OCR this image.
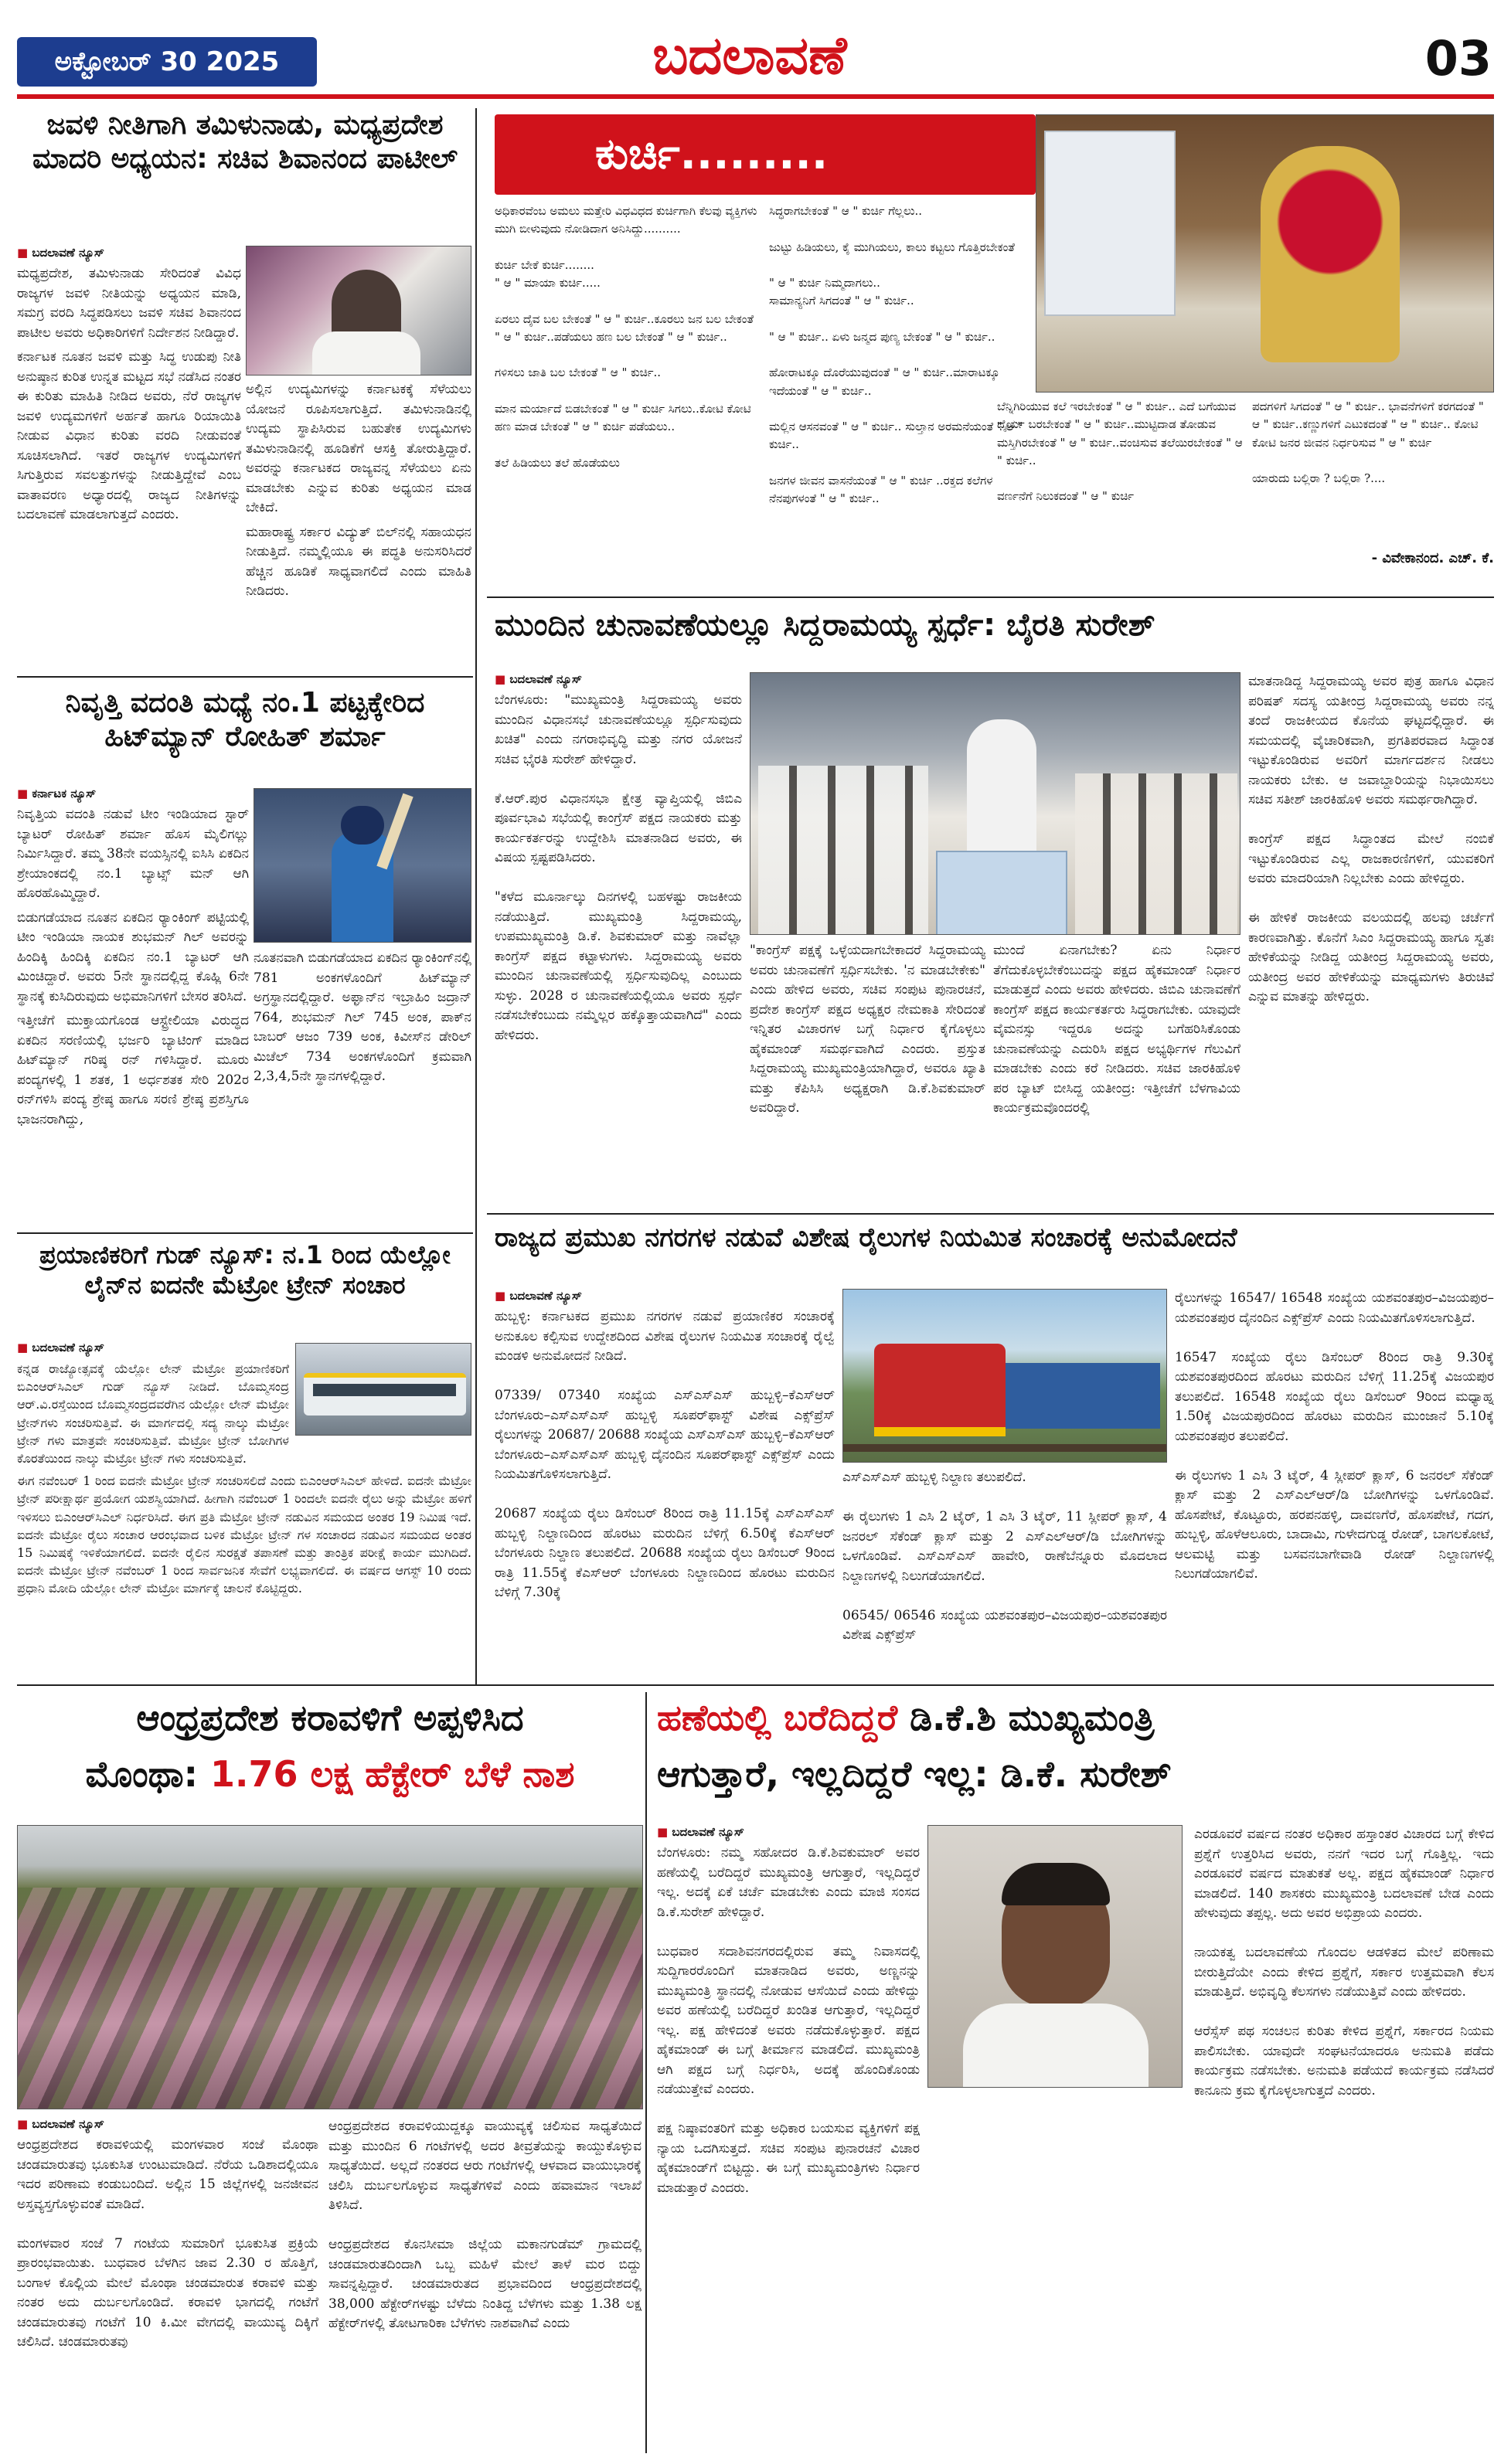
ಅಕ್ಟೋಬರ್ 30 2025	ಬದಲಾವಣೆ	03
ಜವಳಿ ನೀತಿಗಾಗಿ ತಮಿಳುನಾಡು, ಮಧ್ಯಪ್ರದೇಶ ಮಾದರಿ ಅಧ್ಯಯನ: ಸಚಿವ ಶಿವಾನಂದ ಪಾಟೀಲ್
■ ಬದಲಾವಣೆ ನ್ಯೂಸ್

ಮಧ್ಯಪ್ರದೇಶ, ತಮಿಳುನಾಡು ಸೇರಿದಂತೆ ವಿವಿಧ ರಾಜ್ಯಗಳ ಜವಳಿ ನೀತಿಯನ್ನು ಅಧ್ಯಯನ ಮಾಡಿ, ಸಮಗ್ರ ವರದಿ ಸಿದ್ಧಪಡಿಸಲು ಜವಳಿ ಸಚಿವ ಶಿವಾನಂದ ಪಾಟೀಲ ಅವರು ಅಧಿಕಾರಿಗಳಿಗೆ ನಿರ್ದೇಶನ ನೀಡಿದ್ದಾರೆ.

ಕರ್ನಾಟಕ ನೂತನ ಜವಳಿ ಮತ್ತು ಸಿದ್ಧ ಉಡುಪು ನೀತಿ ಅನುಷ್ಠಾನ ಕುರಿತ ಉನ್ನತ ಮಟ್ಟದ ಸಭೆ ನಡೆಸಿದ ನಂತರ ಈ ಕುರಿತು ಮಾಹಿತಿ ನೀಡಿದ ಅವರು, ನೆರೆ ರಾಜ್ಯಗಳ ಜವಳಿ ಉದ್ಯಮಗಳಿಗೆ ಅರ್ಹತೆ ಹಾಗೂ ರಿಯಾಯಿತಿ ನೀಡುವ ವಿಧಾನ ಕುರಿತು ವರದಿ ನೀಡುವಂತೆ ಸೂಚಿಸಲಾಗಿದೆ. ಇತರೆ ರಾಜ್ಯಗಳ ಉದ್ಯಮಿಗಳಿಗೆ ಸಿಗುತ್ತಿರುವ ಸವಲತ್ತುಗಳನ್ನು ನೀಡುತ್ತಿದ್ದೇವೆ ಎಂಬ ವಾತಾವರಣ ಅಧ್ಯಾರದಲ್ಲಿ ರಾಜ್ಯದ ನೀತಿಗಳನ್ನು ಬದಲಾವಣೆ ಮಾಡಲಾಗುತ್ತದೆ ಎಂದರು.

ಅಲ್ಲಿನ ಉದ್ಯಮಿಗಳನ್ನು ಕರ್ನಾಟಕಕ್ಕೆ ಸೆಳೆಯಲು ಯೋಜನೆ ರೂಪಿಸಲಾಗುತ್ತಿದೆ. ತಮಿಳುನಾಡಿನಲ್ಲಿ ಉದ್ಯಮ ಸ್ಥಾಪಿಸಿರುವ ಬಹುತೇಕ ಉದ್ಯಮಿಗಳು ತಮಿಳುನಾಡಿನಲ್ಲಿ ಹೂಡಿಕೆಗೆ ಆಸಕ್ತಿ ತೋರುತ್ತಿದ್ದಾರೆ. ಅವರನ್ನು ಕರ್ನಾಟಕದ ರಾಜ್ಯವನ್ನ ಸೆಳೆಯಲು ಏನು ಮಾಡಬೇಕು ಎನ್ನುವ ಕುರಿತು ಅಧ್ಯಯನ ಮಾಡ ಬೇಕಿದೆ.

ಮಹಾರಾಷ್ಟ್ರ ಸರ್ಕಾರ ವಿದ್ಯುತ್ ಬಿಲ್‌ನಲ್ಲಿ ಸಹಾಯಧನ ನೀಡುತ್ತಿದೆ. ನಮ್ಮಲ್ಲಿಯೂ ಈ ಪದ್ಧತಿ ಅನುಸರಿಸಿದರೆ ಹೆಚ್ಚಿನ ಹೂಡಿಕೆ ಸಾಧ್ಯವಾಗಲಿದೆ ಎಂದು ಮಾಹಿತಿ ನೀಡಿದರು.

ನಿವೃತ್ತಿ ವದಂತಿ ಮಧ್ಯೆ ನಂ.1 ಪಟ್ಟಕ್ಕೇರಿದ ಹಿಟ್‌ಮ್ಯಾನ್ ರೋಹಿತ್ ಶರ್ಮಾ
■ ಕರ್ನಾಟಕ ನ್ಯೂಸ್

ನಿವೃತ್ತಿಯ ವದಂತಿ ನಡುವೆ ಟೀಂ ಇಂಡಿಯಾದ ಸ್ಟಾರ್ ಬ್ಯಾಟರ್ ರೋಹಿತ್ ಶರ್ಮಾ ಹೊಸ ಮೈಲಿಗಲ್ಲು ನಿರ್ಮಿಸಿದ್ದಾರೆ. ತಮ್ಮ 38ನೇ ವಯಸ್ಸಿನಲ್ಲಿ ಐಸಿಸಿ ಏಕದಿನ ಶ್ರೇಯಾಂಕದಲ್ಲಿ ನಂ.1 ಬ್ಯಾಟ್ಸ್ ಮನ್ ಆಗಿ ಹೊರಹೊಮ್ಮಿದ್ದಾರೆ.

ಬಿಡುಗಡೆಯಾದ ನೂತನ ಏಕದಿನ ರ‍್ಯಾಂಕಿಂಗ್ ಪಟ್ಟಿಯಲ್ಲಿ ಟೀಂ ಇಂಡಿಯಾ ನಾಯಕ ಶುಭಮನ್ ಗಿಲ್ ಅವರನ್ನು ಹಿಂದಿಕ್ಕಿ ಹಿಂದಿಕ್ಕಿ ಏಕದಿನ ನಂ.1 ಬ್ಯಾಟರ್ ಆಗಿ ಮಿಂಚಿದ್ದಾರೆ. ಅವರು 5ನೇ ಸ್ಥಾನದಲ್ಲಿದ್ದ ಕೊಹ್ಲಿ 6ನೇ ಸ್ಥಾನಕ್ಕೆ ಕುಸಿದಿರುವುದು ಅಭಿಮಾನಿಗಳಿಗೆ ಬೇಸರ ತರಿಸಿದೆ.

ಇತ್ತೀಚೆಗೆ ಮುಕ್ತಾಯಗೊಂಡ ಆಸ್ಟ್ರೇಲಿಯಾ ವಿರುದ್ಧದ ಏಕದಿನ ಸರಣಿಯಲ್ಲಿ ಭರ್ಜರಿ ಬ್ಯಾಟಿಂಗ್ ಮಾಡಿದ ಹಿಟ್‌ಮ್ಯಾನ್ ಗರಿಷ್ಠ ರನ್ ಗಳಿಸಿದ್ದಾರೆ. ಮೂರು ಪಂದ್ಯಗಳಲ್ಲಿ 1 ಶತಕ, 1 ಅರ್ಧಶತಕ ಸೇರಿ 202ರ ರನ್‌ಗಳಿಸಿ ಪಂದ್ಯ ಶ್ರೇಷ್ಠ ಹಾಗೂ ಸರಣಿ ಶ್ರೇಷ್ಠ ಪ್ರಶಸ್ತಿಗೂ ಭಾಜನರಾಗಿದ್ದು,

ನೂತನವಾಗಿ ಬಿಡುಗಡೆಯಾದ ಏಕದಿನ ರ‍್ಯಾಂಕಿಂಗ್‌ನಲ್ಲಿ 781 ಅಂಕಗಳೊಂದಿಗೆ ಹಿಟ್‌ಮ್ಯಾನ್ ಅಗ್ರಸ್ಥಾನದಲ್ಲಿದ್ದಾರೆ. ಅಫ್ಘಾನ್‌ನ ಇಬ್ರಾಹಿಂ ಜದ್ರಾನ್ 764, ಶುಭಮನ್ ಗಿಲ್ 745 ಅಂಕ, ಪಾಕ್‌ನ ಬಾಬರ್ ಆಜಂ 739 ಅಂಕ, ಕಿವೀಸ್‌ನ ಡೇರಿಲ್ ಮಿಚೆಲ್ 734 ಅಂಕಗಳೊಂದಿಗೆ ಕ್ರಮವಾಗಿ 2,3,4,5ನೇ ಸ್ಥಾನಗಳಲ್ಲಿದ್ದಾರೆ.

ಪ್ರಯಾಣಿಕರಿಗೆ ಗುಡ್ ನ್ಯೂಸ್: ನ.1 ರಿಂದ ಯೆಲ್ಲೋ ಲೈನ್‌ನ ಐದನೇ ಮೆಟ್ರೋ ಟ್ರೇನ್ ಸಂಚಾರ
■ ಬದಲಾವಣೆ ನ್ಯೂಸ್

ಕನ್ನಡ ರಾಜ್ಯೋತ್ಸವಕ್ಕೆ ಯೆಲ್ಲೋ ಲೇನ್ ಮೆಟ್ರೋ ಪ್ರಯಾಣಿಕರಿಗೆ ಬಿಎಂಆರ್‌ಸಿಎಲ್ ಗುಡ್ ನ್ಯೂಸ್ ನೀಡಿದೆ. ಬೊಮ್ಮಸಂದ್ರ ಆರ್.ವಿ.ರಸ್ತೆಯಿಂದ ಬೊಮ್ಮಸಂದ್ರದವರೆಗಿನ ಯೆಲ್ಲೋ ಲೇನ್ ಮೆಟ್ರೋ ಟ್ರೇನ್‌ಗಳು ಸಂಚರಿಸುತ್ತಿವೆ. ಈ ಮಾರ್ಗದಲ್ಲಿ ಸದ್ಯ ನಾಲ್ಕು ಮೆಟ್ರೋ ಟ್ರೇನ್ ಗಳು ಮಾತ್ರವೇ ಸಂಚರಿಸುತ್ತಿವೆ. ಮೆಟ್ರೋ ಟ್ರೇನ್ ಬೋಗಿಗಳ ಕೊರತೆಯಿಂದ ನಾಲ್ಕು ಮೆಟ್ರೋ ಟ್ರೇನ್ ಗಳು ಸಂಚರಿಸುತ್ತಿವೆ.

ಈಗ ನವೆಂಬರ್ 1 ರಿಂದ ಐದನೇ ಮೆಟ್ರೋ ಟ್ರೇನ್ ಸಂಚರಿಸಲಿದೆ ಎಂದು ಬಿಎಂಆರ್‌ಸಿಎಲ್ ಹೇಳಿದೆ. ಐದನೇ ಮೆಟ್ರೋ ಟ್ರೇನ್ ಪರೀಕ್ಷಾರ್ಥ ಪ್ರಯೋಗ ಯಶಸ್ವಿಯಾಗಿದೆ. ಹೀಗಾಗಿ ನವೆಂಬರ್ 1 ರಿಂದಲೇ ಐದನೇ ರೈಲು ಅನ್ನು ಮೆಟ್ರೋ ಹಳಿಗೆ ಇಳಿಸಲು ಬಿಎಂಆರ್‌ಸಿಎಲ್ ನಿರ್ಧರಿಸಿದೆ. ಈಗ ಪ್ರತಿ ಮೆಟ್ರೋ ಟ್ರೇನ್ ನಡುವಿನ ಸಮಯದ ಅಂತರ 19 ನಿಮಿಷ ಇದೆ. ಐದನೇ ಮೆಟ್ರೋ ರೈಲು ಸಂಚಾರ ಆರಂಭವಾದ ಬಳಿಕ ಮೆಟ್ರೋ ಟ್ರೇನ್ ಗಳ ಸಂಚಾರದ ನಡುವಿನ ಸಮಯದ ಅಂತರ 15 ನಿಮಿಷಕ್ಕೆ ಇಳಿಕೆಯಾಗಲಿದೆ. ಐದನೇ ರೈಲಿನ ಸುರಕ್ಷತೆ ತಪಾಸಣೆ ಮತ್ತು ತಾಂತ್ರಿಕ ಪರೀಕ್ಷೆ ಕಾರ್ಯ ಮುಗಿದಿದೆ. ಐದನೇ ಮೆಟ್ರೋ ಟ್ರೇನ್ ನವೆಂಬರ್ 1 ರಿಂದ ಸಾರ್ವಜನಿಕ ಸೇವೆಗೆ ಲಭ್ಯವಾಗಲಿದೆ. ಈ ವರ್ಷದ ಆಗಸ್ಟ್ 10 ರಂದು ಪ್ರಧಾನಿ ಮೋದಿ ಯೆಲ್ಲೋ ಲೇನ್ ಮೆಟ್ರೋ ಮಾರ್ಗಕ್ಕೆ ಚಾಲನೆ ಕೊಟ್ಟಿದ್ದರು.

ಕುರ್ಚಿ.........
ಅಧಿಕಾರವೆಂಬ ಅಮಲು ಮತ್ತೇರಿ ವಿಧವಿಧದ ಕುರ್ಚಿಗಾಗಿ ಕೆಲವು ವ್ಯಕ್ತಿಗಳು ಮುಗಿ ಬೀಳುವುದು ನೋಡಿದಾಗ ಅನಿಸಿದ್ದು..........

ಕುರ್ಚಿ ಬೇಕೆ ಕುರ್ಚಿ........
" ಆ " ಮಾಯಾ ಕುರ್ಚಿ.....

ಏರಲು ದೈವ ಬಲ ಬೇಕಂತೆ " ಆ " ಕುರ್ಚಿ..ಕೂರಲು ಜನ ಬಲ ಬೇಕಂತೆ " ಆ " ಕುರ್ಚಿ..ಪಡೆಯಲು ಹಣ ಬಲ ಬೇಕಂತೆ " ಆ " ಕುರ್ಚಿ..

ಗಳಿಸಲು ಜಾತಿ ಬಲ ಬೇಕಂತೆ " ಆ " ಕುರ್ಚಿ..

ಮಾನ ಮರ್ಯಾದೆ ಬಿಡಬೇಕಂತೆ " ಆ " ಕುರ್ಚಿ ಸಿಗಲು..ಕೋಟಿ ಕೋಟಿ ಹಣ ಮಾಡ ಬೇಕಂತೆ " ಆ " ಕುರ್ಚಿ ಪಡೆಯಲು..

ತಲೆ ಹಿಡಿಯಲು ತಲೆ ಹೊಡೆಯಲು
ಸಿದ್ಧರಾಗಬೇಕಂತೆ " ಆ " ಕುರ್ಚಿ ಗೆಲ್ಲಲು..

ಜುಟ್ಟು ಹಿಡಿಯಲು, ಕೈ ಮುಗಿಯಲು, ಕಾಲು ಕಟ್ಟಲು ಗೊತ್ತಿರಬೇಕಂತೆ

" ಆ " ಕುರ್ಚಿ ನಿಮ್ಮದಾಗಲು..
ಸಾಮಾನ್ಯನಿಗೆ ಸಿಗದಂತೆ " ಆ " ಕುರ್ಚಿ..

" ಆ " ಕುರ್ಚಿ.. ಏಳು ಜನ್ಮದ ಪುಣ್ಯ ಬೇಕಂತೆ " ಆ " ಕುರ್ಚಿ..

ಹೋರಾಟಕ್ಕೂ ದೊರೆಯುವುದಂತೆ " ಆ " ಕುರ್ಚಿ..ಮಾರಾಟಕ್ಕೂ ಇದೆಯಂತೆ " ಆ " ಕುರ್ಚಿ..

ಮಲ್ಲಿನ ಆಸನವಂತೆ " ಆ " ಕುರ್ಚಿ.. ಸುಲ್ತಾನ ಅರಮನೆಯಂತೆ " ಆ " ಕುರ್ಚಿ..

ಜನಗಳ ಜೀವನ ವಾಸನೆಯಂತೆ " ಆ " ಕುರ್ಚಿ ..ರಕ್ತದ ಕಲೆಗಳ ನೆನಪುಗಳಂತೆ " ಆ " ಕುರ್ಚಿ..
ಬೆನ್ನಿಗಿರಿಯುವ ಕಲೆ ಇರಬೇಕಂತೆ " ಆ " ಕುರ್ಚಿ.. ಎದೆ ಬಗೆಯುವ ಧೈರ್ಯ ಬರಬೇಕಂತೆ " ಆ " ಕುರ್ಚಿ..ಮುಟ್ಟಿದಾಡ ತೋಡುವ ಮಸ್ತಿಗಿರಬೇಕಂತೆ " ಆ " ಕುರ್ಚಿ..ವಂಚಿಸುವ ತಲೆಯಿರಬೇಕಂತೆ " ಆ " ಕುರ್ಚಿ..

ವರ್ಣನೆಗೆ ನಿಲುಕದಂತೆ " ಆ " ಕುರ್ಚಿ
ಪದಗಳಿಗೆ ಸಿಗದಂತೆ " ಆ " ಕುರ್ಚಿ.. ಭಾವನೆಗಳಿಗೆ ಕರಗದಂತೆ " ಆ " ಕುರ್ಚಿ..ಕಣ್ಣುಗಳಿಗೆ ಎಟುಕದಂತೆ " ಆ " ಕುರ್ಚಿ.. ಕೋಟಿ ಕೋಟಿ ಜನರ ಜೀವನ ನಿರ್ಧರಿಸುವ " ಆ " ಕುರ್ಚಿ

ಯಾರುದು ಬಲ್ಲಿರಾ ? ಬಲ್ಲಿರಾ ?....
- ವಿವೇಕಾನಂದ. ಎಚ್. ಕೆ.
ಮುಂದಿನ ಚುನಾವಣೆಯಲ್ಲೂ ಸಿದ್ದರಾಮಯ್ಯ ಸ್ಪರ್ಧೆ: ಬೈರತಿ ಸುರೇಶ್
■ ಬದಲಾವಣೆ ನ್ಯೂಸ್
ಬೆಂಗಳೂರು: "ಮುಖ್ಯಮಂತ್ರಿ ಸಿದ್ದರಾಮಯ್ಯ ಅವರು ಮುಂದಿನ ವಿಧಾನಸಭೆ ಚುನಾವಣೆಯಲ್ಲೂ ಸ್ಪರ್ಧಿಸುವುದು ಖಚಿತ" ಎಂದು ನಗರಾಭಿವೃದ್ಧಿ ಮತ್ತು ನಗರ ಯೋಜನೆ ಸಚಿವ ಭೈರತಿ ಸುರೇಶ್ ಹೇಳಿದ್ದಾರೆ.

ಕೆ.ಆರ್.ಪುರ ವಿಧಾನಸಭಾ ಕ್ಷೇತ್ರ ವ್ಯಾಪ್ತಿಯಲ್ಲಿ ಜಿಬಿಎ ಪೂರ್ವಭಾವಿ ಸಭೆಯಲ್ಲಿ ಕಾಂಗ್ರೆಸ್ ಪಕ್ಷದ ನಾಯಕರು ಮತ್ತು ಕಾರ್ಯಕರ್ತರನ್ನು ಉದ್ದೇಶಿಸಿ ಮಾತನಾಡಿದ ಅವರು, ಈ ವಿಷಯ ಸ್ಪಷ್ಟಪಡಿಸಿದರು.

"ಕಳೆದ ಮೂರ್ನಾಲ್ಕು ದಿನಗಳಲ್ಲಿ ಬಹಳಷ್ಟು ರಾಜಕೀಯ ನಡೆಯುತ್ತಿದೆ. ಮುಖ್ಯಮಂತ್ರಿ ಸಿದ್ದರಾಮಯ್ಯ, ಉಪಮುಖ್ಯಮಂತ್ರಿ ಡಿ.ಕೆ. ಶಿವಕುಮಾರ್ ಮತ್ತು ನಾವೆಲ್ಲಾ ಕಾಂಗ್ರೆಸ್ ಪಕ್ಷದ ಕಟ್ಟಾಳುಗಳು. ಸಿದ್ದರಾಮಯ್ಯ ಅವರು ಮುಂದಿನ ಚುನಾವಣೆಯಲ್ಲಿ ಸ್ಪರ್ಧಿಸುವುದಿಲ್ಲ ಎಂಬುದು ಸುಳ್ಳು. 2028 ರ ಚುನಾವಣೆಯಲ್ಲಿಯೂ ಅವರು ಸ್ಪರ್ಧೆ ನಡೆಸಬೇಕೆಂಬುದು ನಮ್ಮೆಲ್ಲರ ಹಕ್ಕೊತ್ತಾಯವಾಗಿದೆ" ಎಂದು ಹೇಳಿದರು.
"ಕಾಂಗ್ರೆಸ್ ಪಕ್ಷಕ್ಕೆ ಒಳ್ಳೆಯದಾಗಬೇಕಾದರೆ ಸಿದ್ದರಾಮಯ್ಯ ಅವರು ಚುನಾವಣೆಗೆ ಸ್ಪರ್ಧಿಸಬೇಕು. 'ನ ಮಾಡಬೇಕೇಕು" ಎಂದು ಹೇಳಿದ ಅವರು, ಸಚಿವ ಸಂಪುಟ ಪುನಾರಚನೆ, ಪ್ರದೇಶ ಕಾಂಗ್ರೆಸ್ ಪಕ್ಷದ ಅಧ್ಯಕ್ಷರ ನೇಮಕಾತಿ ಸೇರಿದಂತೆ ಇನ್ನಿತರ ವಿಚಾರಗಳ ಬಗ್ಗೆ ನಿರ್ಧಾರ ಕೈಗೊಳ್ಳಲು ಹೈಕಮಾಂಡ್ ಸಮರ್ಥವಾಗಿದೆ ಎಂದರು. ಪ್ರಸ್ತುತ ಸಿದ್ದರಾಮಯ್ಯ ಮುಖ್ಯಮಂತ್ರಿಯಾಗಿದ್ದಾರೆ, ಅವರೂ ಖ್ಯಾತಿ ಮತ್ತು ಕೆಪಿಸಿಸಿ ಅಧ್ಯಕ್ಷರಾಗಿ ಡಿ.ಕೆ.ಶಿವಕುಮಾರ್ ಅವರಿದ್ದಾರೆ.
ಮುಂದೆ ಏನಾಗಬೇಕು? ಏನು ನಿರ್ಧಾರ ತೆಗೆದುಕೊಳ್ಳಬೇಕೆಂಬುದನ್ನು ಪಕ್ಷದ ಹೈಕಮಾಂಡ್ ನಿರ್ಧಾರ ಮಾಡುತ್ತದೆ ಎಂದು ಅವರು ಹೇಳಿದರು. ಜಿಬಿಎ ಚುನಾವಣೆಗೆ ಕಾಂಗ್ರೆಸ್ ಪಕ್ಷದ ಕಾರ್ಯಕರ್ತರು ಸಿದ್ಧರಾಗಬೇಕು. ಯಾವುದೇ ವೈಮನಸ್ಸು ಇದ್ದರೂ ಅದನ್ನು ಬಗೆಹರಿಸಿಕೊಂಡು ಚುನಾವಣೆಯನ್ನು ಎದುರಿಸಿ ಪಕ್ಷದ ಅಭ್ಯರ್ಥಿಗಳ ಗೆಲುವಿಗೆ ಮಾಡಬೇಕು ಎಂದು ಕರೆ ನೀಡಿದರು. ಸಚಿವ ಜಾರಕಿಹೊಳಿ ಪರ ಬ್ಯಾಟ್ ಬೀಸಿದ್ದ ಯತೀಂದ್ರ: ಇತ್ತೀಚೆಗೆ ಬೆಳಗಾವಿಯ ಕಾರ್ಯಕ್ರಮವೊಂದರಲ್ಲಿ
ಮಾತನಾಡಿದ್ದ ಸಿದ್ದರಾಮಯ್ಯ ಅವರ ಪುತ್ರ ಹಾಗೂ ವಿಧಾನ ಪರಿಷತ್ ಸದಸ್ಯ ಯತೀಂದ್ರ ಸಿದ್ದರಾಮಯ್ಯ ಅವರು ನನ್ನ ತಂದೆ ರಾಜಕೀಯದ ಕೊನೆಯ ಘಟ್ಟದಲ್ಲಿದ್ದಾರೆ. ಈ ಸಮಯದಲ್ಲಿ ವೈಚಾರಿಕವಾಗಿ, ಪ್ರಗತಿಪರವಾದ ಸಿದ್ಧಾಂತ ಇಟ್ಟುಕೊಂಡಿರುವ ಅವರಿಗೆ ಮಾರ್ಗದರ್ಶನ ನೀಡಲು ನಾಯಕರು ಬೇಕು. ಆ ಜವಾಬ್ದಾರಿಯನ್ನು ನಿಭಾಯಿಸಲು ಸಚಿವ ಸತೀಶ್ ಜಾರಕಿಹೊಳಿ ಅವರು ಸಮರ್ಥರಾಗಿದ್ದಾರೆ.

ಕಾಂಗ್ರೆಸ್ ಪಕ್ಷದ ಸಿದ್ಧಾಂತದ ಮೇಲೆ ನಂಬಿಕೆ ಇಟ್ಟುಕೊಂಡಿರುವ ಎಲ್ಲ ರಾಜಕಾರಣಿಗಳಿಗೆ, ಯುವಕರಿಗೆ ಅವರು ಮಾದರಿಯಾಗಿ ನಿಲ್ಲಬೇಕು ಎಂದು ಹೇಳಿದ್ದರು.

ಈ ಹೇಳಿಕೆ ರಾಜಕೀಯ ವಲಯದಲ್ಲಿ ಹಲವು ಚರ್ಚೆಗೆ ಕಾರಣವಾಗಿತ್ತು. ಕೊನೆಗೆ ಸಿಎಂ ಸಿದ್ದರಾಮಯ್ಯ ಹಾಗೂ ಸ್ವತಃ ಹೇಳಿಕೆಯನ್ನು ನೀಡಿದ್ದ ಯತೀಂದ್ರ ಸಿದ್ದರಾಮಯ್ಯ ಅವರು, ಯತೀಂದ್ರ ಅವರ ಹೇಳಿಕೆಯನ್ನು ಮಾಧ್ಯಮಗಳು ತಿರುಚಿವೆ ಎನ್ನುವ ಮಾತನ್ನು ಹೇಳಿದ್ದರು.
ರಾಜ್ಯದ ಪ್ರಮುಖ ನಗರಗಳ ನಡುವೆ ವಿಶೇಷ ರೈಲುಗಳ ನಿಯಮಿತ ಸಂಚಾರಕ್ಕೆ ಅನುಮೋದನೆ
■ ಬದಲಾವಣೆ ನ್ಯೂಸ್
ಹುಬ್ಬಳ್ಳಿ: ಕರ್ನಾಟಕದ ಪ್ರಮುಖ ನಗರಗಳ ನಡುವೆ ಪ್ರಯಾಣಿಕರ ಸಂಚಾರಕ್ಕೆ ಅನುಕೂಲ ಕಲ್ಪಿಸುವ ಉದ್ದೇಶದಿಂದ ವಿಶೇಷ ರೈಲುಗಳ ನಿಯಮಿತ ಸಂಚಾರಕ್ಕೆ ರೈಲ್ವೆ ಮಂಡಳಿ ಅನುಮೋದನೆ ನೀಡಿದೆ.

07339/ 07340 ಸಂಖ್ಯೆಯ ಎಸ್‌ಎಸ್‌ಎಸ್ ಹುಬ್ಬಳ್ಳಿ–ಕೆಎಸ್‌ಆರ್ ಬೆಂಗಳೂರು–ಎಸ್‌ಎಸ್‌ಎಸ್ ಹುಬ್ಬಳ್ಳಿ ಸೂಪರ್‌ಫಾಸ್ಟ್ ವಿಶೇಷ ಎಕ್ಸ್‌ಪ್ರೆಸ್ ರೈಲುಗಳನ್ನು 20687/ 20688 ಸಂಖ್ಯೆಯ ಎಸ್‌ಎಸ್‌ಎಸ್ ಹುಬ್ಬಳ್ಳಿ–ಕೆಎಸ್‌ಆರ್ ಬೆಂಗಳೂರು–ಎಸ್‌ಎಸ್‌ಎಸ್ ಹುಬ್ಬಳ್ಳಿ ದೈನಂದಿನ ಸೂಪರ್‌ಫಾಸ್ಟ್ ಎಕ್ಸ್‌ಪ್ರೆಸ್ ಎಂದು ನಿಯಮಿತಗೊಳಿಸಲಾಗುತ್ತಿದೆ.

20687 ಸಂಖ್ಯೆಯ ರೈಲು ಡಿಸೆಂಬರ್ 8ರಿಂದ ರಾತ್ರಿ 11.15ಕ್ಕೆ ಎಸ್‌ಎಸ್‌ಎಸ್ ಹುಬ್ಬಳ್ಳಿ ನಿಲ್ದಾಣದಿಂದ ಹೊರಟು ಮರುದಿನ ಬೆಳಿಗ್ಗೆ 6.50ಕ್ಕೆ ಕೆಎಸ್‌ಆರ್ ಬೆಂಗಳೂರು ನಿಲ್ದಾಣ ತಲುಪಲಿದೆ. 20688 ಸಂಖ್ಯೆಯ ರೈಲು ಡಿಸೆಂಬರ್ 9ರಿಂದ ರಾತ್ರಿ 11.55ಕ್ಕೆ ಕೆಎಸ್‌ಆರ್ ಬೆಂಗಳೂರು ನಿಲ್ದಾಣದಿಂದ ಹೊರಟು ಮರುದಿನ ಬೆಳಿಗ್ಗೆ 7.30ಕ್ಕೆ
ಎಸ್‌ಎಸ್‌ಎಸ್ ಹುಬ್ಬಳ್ಳಿ ನಿಲ್ದಾಣ ತಲುಪಲಿದೆ.

ಈ ರೈಲುಗಳು 1 ಎಸಿ 2 ಟೈರ್, 1 ಎಸಿ 3 ಟೈರ್, 11 ಸ್ಲೀಪರ್ ಕ್ಲಾಸ್, 4 ಜನರಲ್ ಸೆಕೆಂಡ್ ಕ್ಲಾಸ್ ಮತ್ತು 2 ಎಸ್ಎಲ್ಆರ್/ಡಿ ಬೋಗಿಗಳನ್ನು ಒಳಗೊಂಡಿವೆ. ಎಸ್‌ಎಸ್‌ಎಸ್ ಹಾವೇರಿ, ರಾಣೆಬೆನ್ನೂರು ಮೊದಲಾದ ನಿಲ್ದಾಣಗಳಲ್ಲಿ ನಿಲುಗಡೆಯಾಗಲಿದೆ.

06545/ 06546 ಸಂಖ್ಯೆಯ ಯಶವಂತಪುರ–ವಿಜಯಪುರ–ಯಶವಂತಪುರ ವಿಶೇಷ ಎಕ್ಸ್‌ಪ್ರೆಸ್
ರೈಲುಗಳನ್ನು 16547/ 16548 ಸಂಖ್ಯೆಯ ಯಶವಂತಪುರ–ವಿಜಯಪುರ–ಯಶವಂತಪುರ ದೈನಂದಿನ ಎಕ್ಸ್‌ಪ್ರೆಸ್ ಎಂದು ನಿಯಮಿತಗೊಳಿಸಲಾಗುತ್ತಿದೆ.

16547 ಸಂಖ್ಯೆಯ ರೈಲು ಡಿಸೆಂಬರ್ 8ರಿಂದ ರಾತ್ರಿ 9.30ಕ್ಕೆ ಯಶವಂತಪುರದಿಂದ ಹೊರಟು ಮರುದಿನ ಬೆಳಿಗ್ಗೆ 11.25ಕ್ಕೆ ವಿಜಯಪುರ ತಲುಪಲಿದೆ. 16548 ಸಂಖ್ಯೆಯ ರೈಲು ಡಿಸೆಂಬರ್ 9ರಿಂದ ಮಧ್ಯಾಹ್ನ 1.50ಕ್ಕೆ ವಿಜಯಪುರದಿಂದ ಹೊರಟು ಮರುದಿನ ಮುಂಜಾನೆ 5.10ಕ್ಕೆ ಯಶವಂತಪುರ ತಲುಪಲಿದೆ.

ಈ ರೈಲುಗಳು 1 ಎಸಿ 3 ಟೈರ್, 4 ಸ್ಲೀಪರ್ ಕ್ಲಾಸ್, 6 ಜನರಲ್ ಸೆಕೆಂಡ್ ಕ್ಲಾಸ್ ಮತ್ತು 2 ಎಸ್ಎಲ್ಆರ್/ಡಿ ಬೋಗಿಗಳನ್ನು ಒಳಗೊಂಡಿವೆ. ಹೊಸಪೇಟೆ, ಕೊಟ್ಟೂರು, ಹರಪನಹಳ್ಳಿ, ದಾವಣಗೆರೆ, ಹೊಸಪೇಟೆ, ಗದಗ, ಹುಬ್ಬಳ್ಳಿ, ಹೊಳೆಆಲೂರು, ಬಾದಾಮಿ, ಗುಳೇದಗುಡ್ಡ ರೋಡ್, ಬಾಗಲಕೋಟೆ, ಆಲಮಟ್ಟಿ ಮತ್ತು ಬಸವನಬಾಗೇವಾಡಿ ರೋಡ್ ನಿಲ್ದಾಣಗಳಲ್ಲಿ ನಿಲುಗಡೆಯಾಗಲಿವೆ.
ಆಂಧ್ರಪ್ರದೇಶ ಕರಾವಳಿಗೆ ಅಪ್ಪಳಿಸಿದ
ಮೊಂಥಾ: 1.76 ಲಕ್ಷ ಹೆಕ್ಟೇರ್ ಬೆಳೆ ನಾಶ
■ ಬದಲಾವಣೆ ನ್ಯೂಸ್
ಆಂಧ್ರಪ್ರದೇಶದ ಕರಾವಳಿಯಲ್ಲಿ ಮಂಗಳವಾರ ಸಂಜೆ ಮೊಂಥಾ ಚಂಡಮಾರುತವು ಭೂಕುಸಿತ ಉಂಟುಮಾಡಿದೆ. ನೆರೆಯ ಒಡಿಶಾದಲ್ಲಿಯೂ ಇದರ ಪರಿಣಾಮ ಕಂಡುಬಂದಿದೆ. ಅಲ್ಲಿನ 15 ಜಿಲ್ಲೆಗಳಲ್ಲಿ ಜನಜೀವನ ಅಸ್ತವ್ಯಸ್ತಗೊಳ್ಳುವಂತೆ ಮಾಡಿದೆ.

ಮಂಗಳವಾರ ಸಂಜೆ 7 ಗಂಟೆಯ ಸುಮಾರಿಗೆ ಭೂಕುಸಿತ ಪ್ರಕ್ರಿಯೆ ಪ್ರಾರಂಭವಾಯಿತು. ಬುಧವಾರ ಬೆಳಗಿನ ಜಾವ 2.30 ರ ಹೊತ್ತಿಗೆ, ಬಂಗಾಳ ಕೊಲ್ಲಿಯ ಮೇಲೆ ಮೊಂಥಾ ಚಂಡಮಾರುತ ಕರಾವಳಿ ಮತ್ತು ನಂತರ ಅದು ದುರ್ಬಲಗೊಂಡಿದೆ. ಕರಾವಳಿ ಭಾಗದಲ್ಲಿ ಗಂಟೆಗೆ ಚಂಡಮಾರುತವು ಗಂಟೆಗೆ 10 ಕಿ.ಮೀ ವೇಗದಲ್ಲಿ ವಾಯುವ್ಯ ದಿಕ್ಕಿಗೆ ಚಲಿಸಿದೆ. ಚಂಡಮಾರುತವು
ಆಂಧ್ರಪ್ರದೇಶದ ಕರಾವಳಿಯುದ್ದಕ್ಕೂ ವಾಯುವ್ಯಕ್ಕೆ ಚಲಿಸುವ ಸಾಧ್ಯತೆಯಿದೆ ಮತ್ತು ಮುಂದಿನ 6 ಗಂಟೆಗಳಲ್ಲಿ ಅದರ ತೀವ್ರತೆಯನ್ನು ಕಾಯ್ದುಕೊಳ್ಳುವ ಸಾಧ್ಯತೆಯಿದೆ. ಅಲ್ಲದೆ ನಂತರದ ಆರು ಗಂಟೆಗಳಲ್ಲಿ ಆಳವಾದ ವಾಯುಭಾರಕ್ಕೆ ಚಲಿಸಿ ದುರ್ಬಲಗೊಳ್ಳುವ ಸಾಧ್ಯತೆಗಳಿವೆ ಎಂದು ಹವಾಮಾನ ಇಲಾಖೆ ತಿಳಿಸಿದೆ.

ಆಂಧ್ರಪ್ರದೇಶದ ಕೊನಸೀಮಾ ಜಿಲ್ಲೆಯ ಮಕಾನಗುಡೆಮ್ ಗ್ರಾಮದಲ್ಲಿ ಚಂಡಮಾರುತದಿಂದಾಗಿ ಒಬ್ಬ ಮಹಿಳೆ ಮೇಲೆ ತಾಳೆ ಮರ ಬಿದ್ದು ಸಾವನ್ನಪ್ಪಿದ್ದಾರೆ. ಚಂಡಮಾರುತದ ಪ್ರಭಾವದಿಂದ ಆಂಧ್ರಪ್ರದೇಶದಲ್ಲಿ 38,000 ಹೆಕ್ಟೇರ್‌ಗಳಷ್ಟು ಬೆಳೆದು ನಿಂತಿದ್ದ ಬೆಳೆಗಳು ಮತ್ತು 1.38 ಲಕ್ಷ ಹೆಕ್ಟೇರ್‌ಗಳಲ್ಲಿ ತೋಟಗಾರಿಕಾ ಬೆಳೆಗಳು ನಾಶವಾಗಿವೆ ಎಂದು
ಹಣೆಯಲ್ಲಿ ಬರೆದಿದ್ದರೆ ಡಿ.ಕೆ.ಶಿ ಮುಖ್ಯಮಂತ್ರಿ
ಆಗುತ್ತಾರೆ, ಇಲ್ಲದಿದ್ದರೆ ಇಲ್ಲ: ಡಿ.ಕೆ. ಸುರೇಶ್
■ ಬದಲಾವಣೆ ನ್ಯೂಸ್
ಬೆಂಗಳೂರು: ನಮ್ಮ ಸಹೋದರ ಡಿ.ಕೆ.ಶಿವಕುಮಾರ್ ಅವರ ಹಣೆಯಲ್ಲಿ ಬರೆದಿದ್ದರೆ ಮುಖ್ಯಮಂತ್ರಿ ಆಗುತ್ತಾರೆ, ಇಲ್ಲದಿದ್ದರೆ ಇಲ್ಲ. ಅದಕ್ಕೆ ಏಕೆ ಚರ್ಚೆ ಮಾಡಬೇಕು ಎಂದು ಮಾಜಿ ಸಂಸದ ಡಿ.ಕೆ.ಸುರೇಶ್ ಹೇಳಿದ್ದಾರೆ.

ಬುಧವಾರ ಸದಾಶಿವನಗರದಲ್ಲಿರುವ ತಮ್ಮ ನಿವಾಸದಲ್ಲಿ ಸುದ್ದಿಗಾರರೊಂದಿಗೆ ಮಾತನಾಡಿದ ಅವರು, ಅಣ್ಣನನ್ನು ಮುಖ್ಯಮಂತ್ರಿ ಸ್ಥಾನದಲ್ಲಿ ನೋಡುವ ಆಸೆಯಿದೆ ಎಂದು ಹೇಳಿದ್ದು ಅವರ ಹಣೆಯಲ್ಲಿ ಬರೆದಿದ್ದರೆ ಖಂಡಿತ ಆಗುತ್ತಾರೆ, ಇಲ್ಲದಿದ್ದರೆ ಇಲ್ಲ. ಪಕ್ಷ ಹೇಳಿದಂತೆ ಅವರು ನಡೆದುಕೊಳ್ಳುತ್ತಾರೆ. ಪಕ್ಷದ ಹೈಕಮಾಂಡ್ ಈ ಬಗ್ಗೆ ತೀರ್ಮಾನ ಮಾಡಲಿದೆ. ಮುಖ್ಯಮಂತ್ರಿ ಆಗಿ ಪಕ್ಷದ ಬಗ್ಗೆ ನಿರ್ಧರಿಸಿ, ಅದಕ್ಕೆ ಹೊಂದಿಕೊಂಡು ನಡೆಯುತ್ತೇವೆ ಎಂದರು.

ಪಕ್ಷ ನಿಷ್ಠಾವಂತರಿಗೆ ಮತ್ತು ಅಧಿಕಾರ ಬಯಸುವ ವ್ಯಕ್ತಿಗಳಿಗೆ ಪಕ್ಷ ನ್ಯಾಯ ಒದಗಿಸುತ್ತದೆ. ಸಚಿವ ಸಂಪುಟ ಪುನಾರಚನೆ ವಿಚಾರ ಹೈಕಮಾಂಡ್‌ಗೆ ಬಿಟ್ಟದ್ದು. ಈ ಬಗ್ಗೆ ಮುಖ್ಯಮಂತ್ರಿಗಳು ನಿರ್ಧಾರ ಮಾಡುತ್ತಾರೆ ಎಂದರು.
ಎರಡೂವರೆ ವರ್ಷದ ನಂತರ ಅಧಿಕಾರ ಹಸ್ತಾಂತರ ವಿಚಾರದ ಬಗ್ಗೆ ಕೇಳಿದ ಪ್ರಶ್ನೆಗೆ ಉತ್ತರಿಸಿದ ಅವರು, ನನಗೆ ಇದರ ಬಗ್ಗೆ ಗೊತ್ತಿಲ್ಲ. ಇದು ಎರಡೂವರೆ ವರ್ಷದ ಮಾತುಕತೆ ಅಲ್ಲ. ಪಕ್ಷದ ಹೈಕಮಾಂಡ್ ನಿರ್ಧಾರ ಮಾಡಲಿದೆ. 140 ಶಾಸಕರು ಮುಖ್ಯಮಂತ್ರಿ ಬದಲಾವಣೆ ಬೇಡ ಎಂದು ಹೇಳುವುದು ತಪ್ಪಲ್ಲ. ಅದು ಅವರ ಅಭಿಪ್ರಾಯ ಎಂದರು.

ನಾಯಕತ್ವ ಬದಲಾವಣೆಯ ಗೊಂದಲ ಆಡಳಿತದ ಮೇಲೆ ಪರಿಣಾಮ ಬೀರುತ್ತಿದೆಯೇ ಎಂದು ಕೇಳಿದ ಪ್ರಶ್ನೆಗೆ, ಸರ್ಕಾರ ಉತ್ತಮವಾಗಿ ಕೆಲಸ ಮಾಡುತ್ತಿದೆ. ಅಭಿವೃದ್ಧಿ ಕೆಲಸಗಳು ನಡೆಯುತ್ತಿವೆ ಎಂದು ಹೇಳಿದರು.

ಆರೆಸ್ಸೆಸ್ ಪಥ ಸಂಚಲನ ಕುರಿತು ಕೇಳಿದ ಪ್ರಶ್ನೆಗೆ, ಸರ್ಕಾರದ ನಿಯಮ ಪಾಲಿಸಬೇಕು. ಯಾವುದೇ ಸಂಘಟನೆಯಾದರೂ ಅನುಮತಿ ಪಡೆದು ಕಾರ್ಯಕ್ರಮ ನಡೆಸಬೇಕು. ಅನುಮತಿ ಪಡೆಯದೆ ಕಾರ್ಯಕ್ರಮ ನಡೆಸಿದರೆ ಕಾನೂನು ಕ್ರಮ ಕೈಗೊಳ್ಳಲಾಗುತ್ತದೆ ಎಂದರು.
